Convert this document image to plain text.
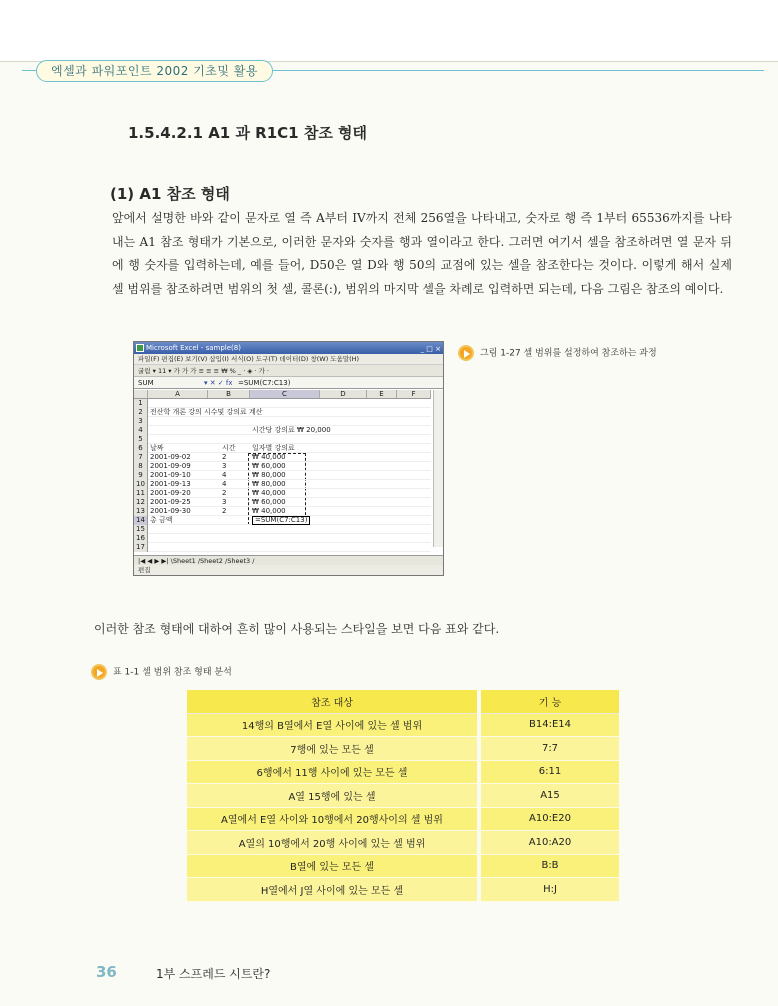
엑셀과 파워포인트 2002 기초및 활용
1.5.4.2.1 A1 과 R1C1 참조 형태
(1) A1 참조 형태

앞에서 설명한 바와 같이 문자로 열 즉 A부터 IV까지 전체 256열을 나타내고, 숫자로 행 즉 1부터 65536까지를 나타내는 A1 참조 형태가 기본으로, 이러한 문자와 숫자를 행과 열이라고 한다. 그러면 여기서 셀을 참조하려면 열 문자 뒤에 행 숫자를 입력하는데, 예를 들어, D50은 열 D와 행 50의 교점에 있는 셀을 참조한다는 것이다. 이렇게 해서 실제 셀 범위를 참조하려면 범위의 첫 셀, 콜론(:), 범위의 마지막 셀을 차례로 입력하면 되는데, 다음 그림은 참조의 예이다.

Microsoft Excel - sample(8)	_ □ ×
파일(F) 편집(E) 보기(V) 삽입(I) 서식(O) 도구(T) 데이터(D) 창(W) 도움말(H)
굴림 ▾ 11 ▾ 가 가 가 ≡ ≡ ≡ ₩ % _ · ◈ · 가 ·
SUM	▾ ✕ ✓ fx =SUM(C7:C13)
A	B	C	D	E	F
1
2	전산학 개론 강의 시수및 강의료 계산
3
4	시간당 강의료 ₩ 20,000
5
6	날짜	시간 일자별 강의료
7	2001-09-02	2	₩ 40,000
8	2001-09-09	3	₩ 60,000
9	2001-09-10	4	₩ 80,000
10 2001-09-13	4	₩ 80,000
11 2001-09-20	2	₩ 40,000
12 2001-09-25	3	₩ 60,000
13 2001-09-30	2	₩ 40,000
14 총 금액	=SUM(C7:C13)
15
16
17
|◀ ◀ ▶ ▶| \Sheet1 /Sheet2 /Sheet3 /
편집
그림 1-27 셀 범위를 설정하여 참조하는 과정

이러한 참조 형태에 대하여 흔히 많이 사용되는 스타일을 보면 다음 표와 같다.

표 1-1 셀 범위 참조 형태 분석
참조 대상	기 능
14행의 B열에서 E열 사이에 있는 셀 범위	B14:E14
7행에 있는 모든 셀	7:7
6행에서 11행 사이에 있는 모든 셀	6:11
A열 15행에 있는 셀	A15
A열에서 E열 사이와 10행에서 20행사이의 셀 범위	A10:E20
A열의 10행에서 20행 사이에 있는 셀 범위	A10:A20
B열에 있는 모든 셀	B:B
H열에서 J열 사이에 있는 모든 셀	H:J
36	1부 스프레드 시트란?
